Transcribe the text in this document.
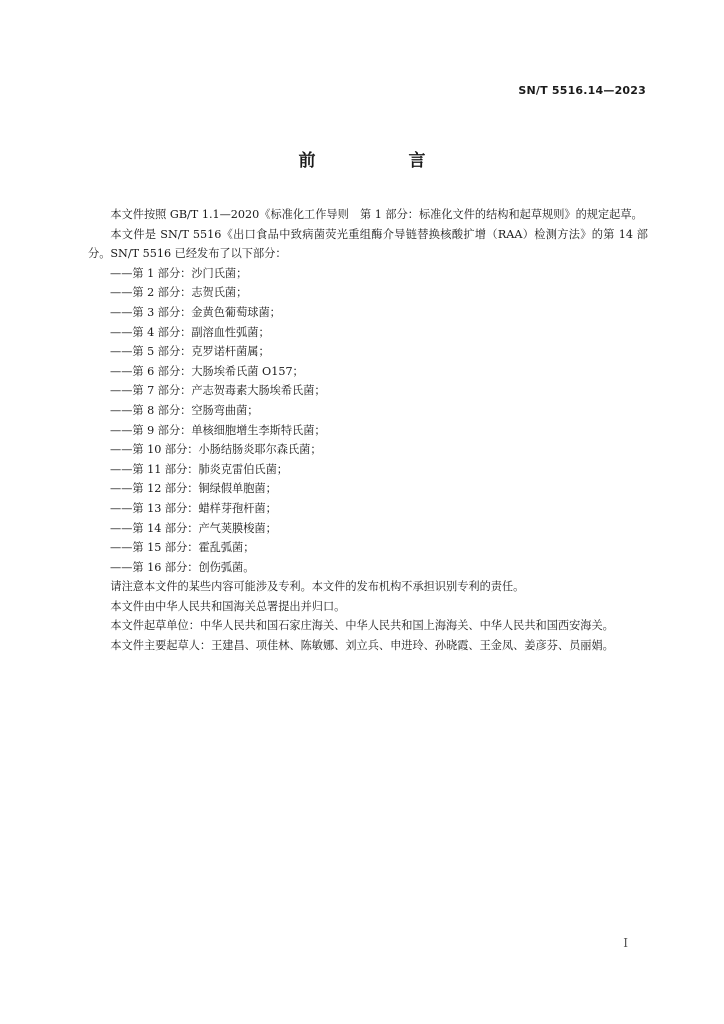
SN/T 5516.14—2023
前　言

本文件按照 GB/T 1.1—2020《标准化工作导则　第 1 部分：标准化文件的结构和起草规则》的规定起草。

本文件是 SN/T 5516《出口食品中致病菌荧光重组酶介导链替换核酸扩增（RAA）检测方法》的第 14 部分。SN/T 5516 已经发布了以下部分：

——第 1 部分：沙门氏菌；
——第 2 部分：志贺氏菌；
——第 3 部分：金黄色葡萄球菌；
——第 4 部分：副溶血性弧菌；
——第 5 部分：克罗诺杆菌属；
——第 6 部分：大肠埃希氏菌 O157；
——第 7 部分：产志贺毒素大肠埃希氏菌；
——第 8 部分：空肠弯曲菌；
——第 9 部分：单核细胞增生李斯特氏菌；
——第 10 部分：小肠结肠炎耶尔森氏菌；
——第 11 部分：肺炎克雷伯氏菌；
——第 12 部分：铜绿假单胞菌；
——第 13 部分：蜡样芽孢杆菌；
——第 14 部分：产气荚膜梭菌；
——第 15 部分：霍乱弧菌；
——第 16 部分：创伤弧菌。

请注意本文件的某些内容可能涉及专利。本文件的发布机构不承担识别专利的责任。

本文件由中华人民共和国海关总署提出并归口。

本文件起草单位：中华人民共和国石家庄海关、中华人民共和国上海海关、中华人民共和国西安海关。

本文件主要起草人：王建昌、项佳林、陈敏娜、刘立兵、申进玲、孙晓霞、王金凤、姜彦芬、员丽娟。

I
